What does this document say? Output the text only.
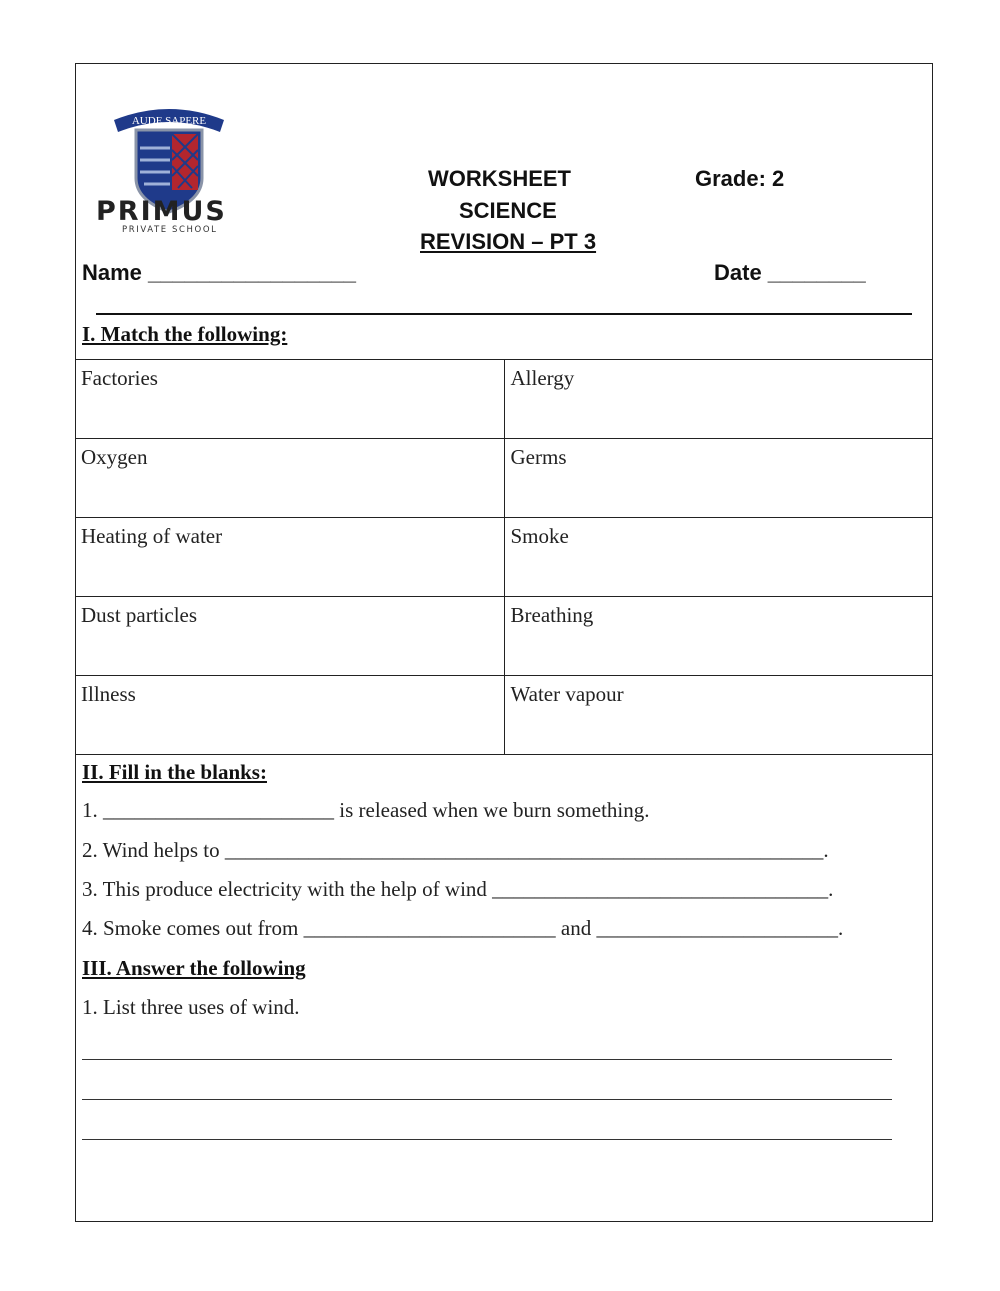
AUDE SAPERE
PRIMUS
PRIVATE SCHOOL
WORKSHEET	Grade: 2
SCIENCE
REVISION – PT 3
Name _________________	Date ________
I. Match the following:
Factories	Allergy
Oxygen	Germs
Heating of water	Smoke
Dust particles	Breathing
Illness	Water vapour
II. Fill in the blanks:
1. ______________________ is released when we burn something.
2. Wind helps to _________________________________________________________.
3. This produce electricity with the help of wind ________________________________.
4. Smoke comes out from ________________________ and _______________________.
III. Answer the following
1. List three uses of wind.
